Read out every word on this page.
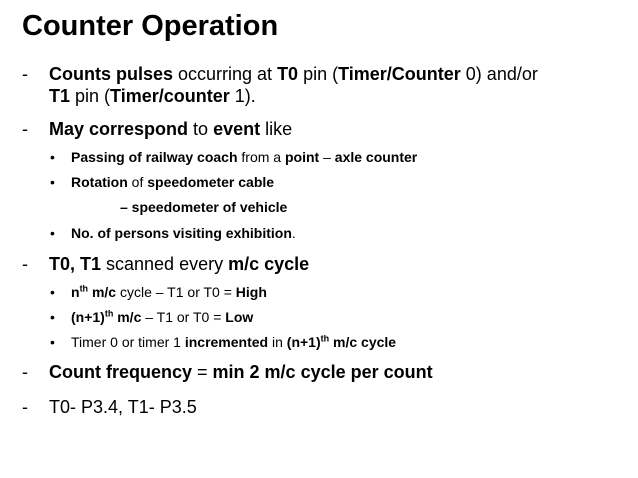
Counter Operation
- Counts pulses occurring at T0 pin (Timer/Counter 0) and/or
T1 pin (Timer/counter 1).
- May correspond to event like
• Passing of railway coach from a point – axle counter
• Rotation of speedometer cable
– speedometer of vehicle
• No. of persons visiting exhibition.
- T0, T1 scanned every m/c cycle
• $n^{th}$ m/c cycle – T1 or T0 = High
• $(n+1)^{th}$ m/c – T1 or T0 = Low
• Timer 0 or timer 1 incremented in $(n+1)^{th}$ m/c cycle
- Count frequency = min 2 m/c cycle per count
- T0- P3.4, T1- P3.5
